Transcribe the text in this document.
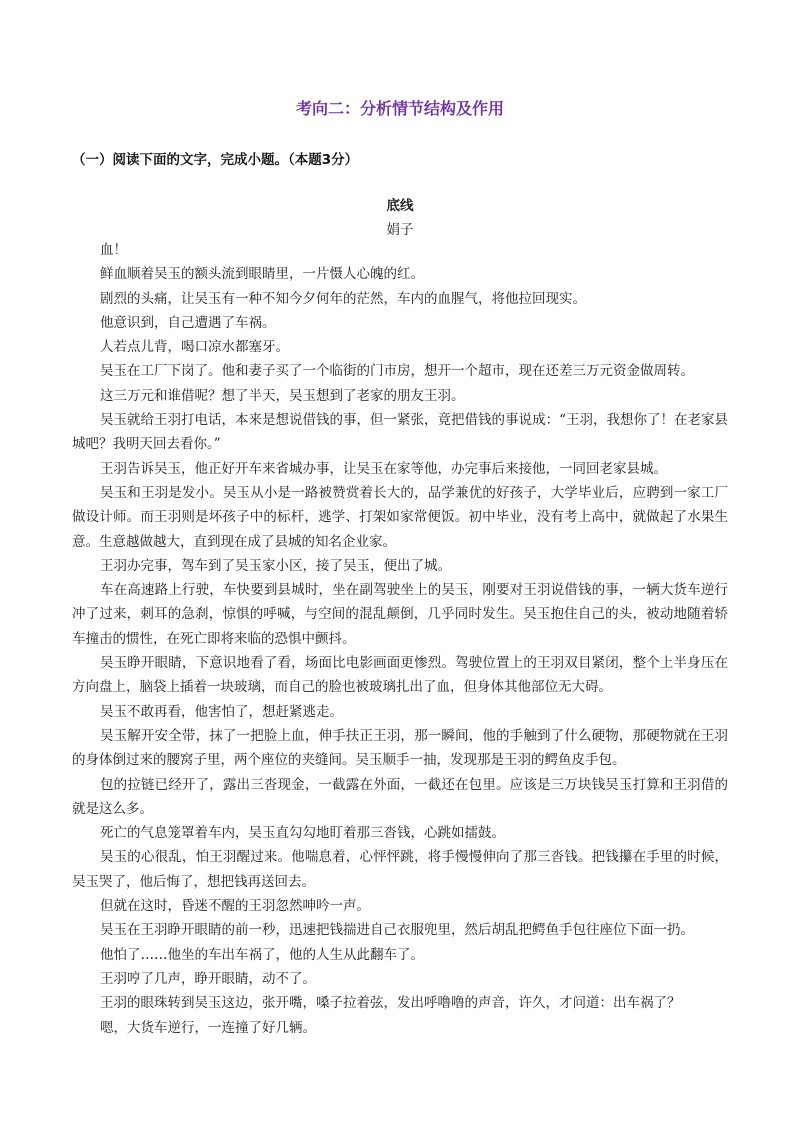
考向二：分析情节结构及作用
（一）阅读下面的文字，完成小题。（本题3分）
底线
娟子

血！

鲜血顺着吴玉的额头流到眼睛里，一片慑人心魄的红。

剧烈的头痛，让吴玉有一种不知今夕何年的茫然，车内的血腥气，将他拉回现实。

他意识到，自己遭遇了车祸。

人若点儿背，喝口凉水都塞牙。

吴玉在工厂下岗了。他和妻子买了一个临街的门市房，想开一个超市，现在还差三万元资金做周转。

这三万元和谁借呢？想了半天，吴玉想到了老家的朋友王羽。

吴玉就给王羽打电话，本来是想说借钱的事，但一紧张，竟把借钱的事说成：“王羽，我想你了！在老家县城吧？我明天回去看你。”

王羽告诉吴玉，他正好开车来省城办事，让吴玉在家等他，办完事后来接他，一同回老家县城。

吴玉和王羽是发小。吴玉从小是一路被赞赏着长大的，品学兼优的好孩子，大学毕业后，应聘到一家工厂做设计师。而王羽则是坏孩子中的标杆，逃学、打架如家常便饭。初中毕业，没有考上高中，就做起了水果生意。生意越做越大，直到现在成了县城的知名企业家。

王羽办完事，驾车到了吴玉家小区，接了吴玉，便出了城。

车在高速路上行驶，车快要到县城时，坐在副驾驶坐上的吴玉，刚要对王羽说借钱的事，一辆大货车逆行冲了过来，刺耳的急刹，惊惧的呼喊，与空间的混乱颠倒，几乎同时发生。吴玉抱住自己的头，被动地随着轿车撞击的惯性，在死亡即将来临的恐惧中颤抖。

吴玉睁开眼睛，下意识地看了看，场面比电影画面更惨烈。驾驶位置上的王羽双目紧闭，整个上半身压在方向盘上，脑袋上插着一块玻璃，而自己的脸也被玻璃扎出了血，但身体其他部位无大碍。

吴玉不敢再看，他害怕了，想赶紧逃走。

吴玉解开安全带，抹了一把脸上血，伸手扶正王羽，那一瞬间，他的手触到了什么硬物，那硬物就在王羽的身体倒过来的腰窝子里，两个座位的夹缝间。吴玉顺手一抽，发现那是王羽的鳄鱼皮手包。

包的拉链已经开了，露出三沓现金，一截露在外面，一截还在包里。应该是三万块钱吴玉打算和王羽借的就是这么多。

死亡的气息笼罩着车内，吴玉直勾勾地盯着那三沓钱，心跳如擂鼓。

吴玉的心很乱，怕王羽醒过来。他喘息着，心怦怦跳，将手慢慢伸向了那三沓钱。把钱攥在手里的时候，吴玉哭了，他后悔了，想把钱再送回去。

但就在这时，昏迷不醒的王羽忽然呻吟一声。

吴玉在王羽睁开眼睛的前一秒，迅速把钱揣进自己衣服兜里，然后胡乱把鳄鱼手包往座位下面一扔。

他怕了……他坐的车出车祸了，他的人生从此翻车了。

王羽哼了几声，睁开眼睛，动不了。

王羽的眼珠转到吴玉这边，张开嘴，嗓子拉着弦，发出呼噜噜的声音，许久，才问道：出车祸了？

嗯，大货车逆行，一连撞了好几辆。
